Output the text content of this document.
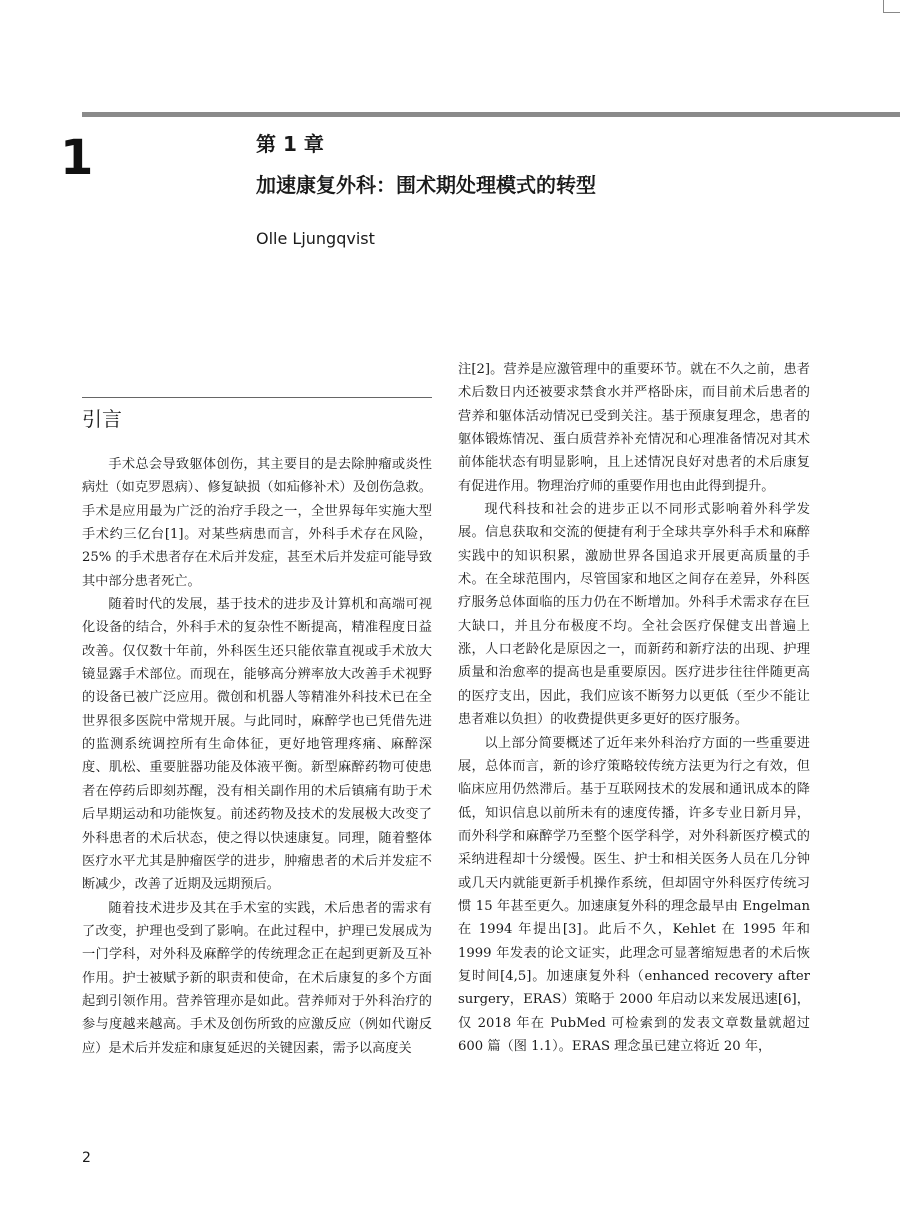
1	第 1 章
加速康复外科：围术期处理模式的转型
Olle Ljungqvist
引言

手术总会导致躯体创伤，其主要目的是去除肿瘤或炎性病灶（如克罗恩病）、修复缺损（如疝修补术）及创伤急救。手术是应用最为广泛的治疗手段之一，全世界每年实施大型手术约三亿台[1]。对某些病患而言，外科手术存在风险，25% 的手术患者存在术后并发症，甚至术后并发症可能导致其中部分患者死亡。

随着时代的发展，基于技术的进步及计算机和高端可视化设备的结合，外科手术的复杂性不断提高，精准程度日益改善。仅仅数十年前，外科医生还只能依靠直视或手术放大镜显露手术部位。而现在，能够高分辨率放大改善手术视野的设备已被广泛应用。微创和机器人等精准外科技术已在全世界很多医院中常规开展。与此同时，麻醉学也已凭借先进的监测系统调控所有生命体征，更好地管理疼痛、麻醉深度、肌松、重要脏器功能及体液平衡。新型麻醉药物可使患者在停药后即刻苏醒，没有相关副作用的术后镇痛有助于术后早期运动和功能恢复。前述药物及技术的发展极大改变了外科患者的术后状态，使之得以快速康复。同理，随着整体医疗水平尤其是肿瘤医学的进步，肿瘤患者的术后并发症不断减少，改善了近期及远期预后。

随着技术进步及其在手术室的实践，术后患者的需求有了改变，护理也受到了影响。在此过程中，护理已发展成为一门学科，对外科及麻醉学的传统理念正在起到更新及互补作用。护士被赋予新的职责和使命，在术后康复的多个方面起到引领作用。营养管理亦是如此。营养师对于外科治疗的参与度越来越高。手术及创伤所致的应激反应（例如代谢反应）是术后并发症和康复延迟的关键因素，需予以高度关

注[2]。营养是应激管理中的重要环节。就在不久之前，患者术后数日内还被要求禁食水并严格卧床，而目前术后患者的营养和躯体活动情况已受到关注。基于预康复理念，患者的躯体锻炼情况、蛋白质营养补充情况和心理准备情况对其术前体能状态有明显影响，且上述情况良好对患者的术后康复有促进作用。物理治疗师的重要作用也由此得到提升。

现代科技和社会的进步正以不同形式影响着外科学发展。信息获取和交流的便捷有利于全球共享外科手术和麻醉实践中的知识积累，激励世界各国追求开展更高质量的手术。在全球范围内，尽管国家和地区之间存在差异，外科医疗服务总体面临的压力仍在不断增加。外科手术需求存在巨大缺口，并且分布极度不均。全社会医疗保健支出普遍上涨，人口老龄化是原因之一，而新药和新疗法的出现、护理质量和治愈率的提高也是重要原因。医疗进步往往伴随更高的医疗支出，因此，我们应该不断努力以更低（至少不能让患者难以负担）的收费提供更多更好的医疗服务。

以上部分简要概述了近年来外科治疗方面的一些重要进展，总体而言，新的诊疗策略较传统方法更为行之有效，但临床应用仍然滞后。基于互联网技术的发展和通讯成本的降低，知识信息以前所未有的速度传播，许多专业日新月异，而外科学和麻醉学乃至整个医学科学，对外科新医疗模式的采纳进程却十分缓慢。医生、护士和相关医务人员在几分钟或几天内就能更新手机操作系统，但却固守外科医疗传统习惯 15 年甚至更久。加速康复外科的理念最早由 Engelman 在 1994 年提出[3]。此后不久，Kehlet 在 1995 年和 1999 年发表的论文证实，此理念可显著缩短患者的术后恢复时间[4,5]。加速康复外科（enhanced recovery after surgery，ERAS）策略于 2000 年启动以来发展迅速[6]，仅 2018 年在 PubMed 可检索到的发表文章数量就超过 600 篇（图 1.1）。ERAS 理念虽已建立将近 20 年，

2
